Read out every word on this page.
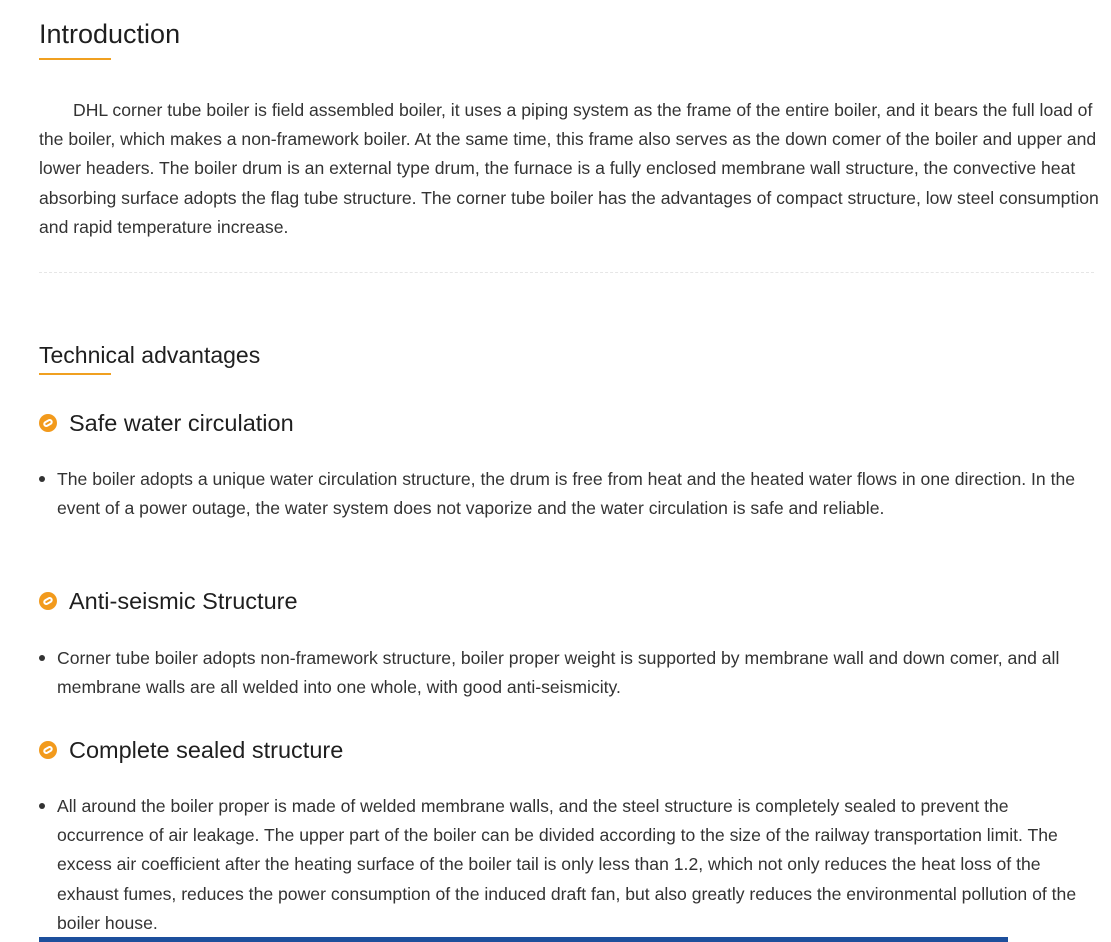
Introduction

DHL corner tube boiler is field assembled boiler, it uses a piping system as the frame of the entire boiler, and it bears the full load of the boiler, which makes a non-framework boiler. At the same time, this frame also serves as the down comer of the boiler and upper and lower headers. The boiler drum is an external type drum, the furnace is a fully enclosed membrane wall structure, the convective heat absorbing surface adopts the flag tube structure. The corner tube boiler has the advantages of compact structure, low steel consumption and rapid temperature increase.

Technical advantages
Safe water circulation

The boiler adopts a unique water circulation structure, the drum is free from heat and the heated water flows in one direction. In the event of a power outage, the water system does not vaporize and the water circulation is safe and reliable.

Anti-seismic Structure

Corner tube boiler adopts non-framework structure, boiler proper weight is supported by membrane wall and down comer, and all membrane walls are all welded into one whole, with good anti-seismicity.

Complete sealed structure

All around the boiler proper is made of welded membrane walls, and the steel structure is completely sealed to prevent the occurrence of air leakage. The upper part of the boiler can be divided according to the size of the railway transportation limit. The excess air coefficient after the heating surface of the boiler tail is only less than 1.2, which not only reduces the heat loss of the exhaust fumes, reduces the power consumption of the induced draft fan, but also greatly reduces the environmental pollution of the boiler house.
